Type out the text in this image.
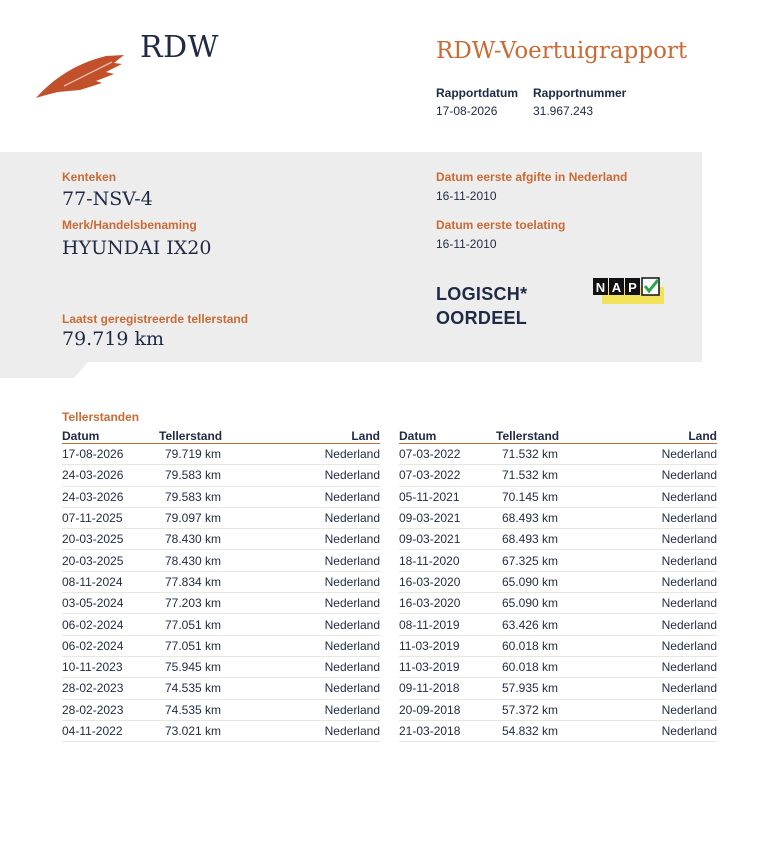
RDW	RDW-Voertuigrapport
Rapportdatum Rapportnummer
17-08-2026	31.967.243
Kenteken
77-NSV-4
Merk/Handelsbenaming
HYUNDAI IX20
Laatst geregistreerde tellerstand
79.719 km
Datum eerste afgifte in Nederland
16-11-2010
Datum eerste toelating
16-11-2010
LOGISCH*
OORDEEL
N A P
Tellerstanden
Datum	Tellerstand	Land
17-08-2026	79.719 km	Nederland
24-03-2026	79.583 km	Nederland
24-03-2026	79.583 km	Nederland
07-11-2025	79.097 km	Nederland
20-03-2025	78.430 km	Nederland
20-03-2025	78.430 km	Nederland
08-11-2024	77.834 km	Nederland
03-05-2024	77.203 km	Nederland
06-02-2024	77.051 km	Nederland
06-02-2024	77.051 km	Nederland
10-11-2023	75.945 km	Nederland
28-02-2023	74.535 km	Nederland
28-02-2023	74.535 km	Nederland
04-11-2022	73.021 km	Nederland
Datum	Tellerstand	Land
07-03-2022	71.532 km	Nederland
07-03-2022	71.532 km	Nederland
05-11-2021	70.145 km	Nederland
09-03-2021	68.493 km	Nederland
09-03-2021	68.493 km	Nederland
18-11-2020	67.325 km	Nederland
16-03-2020	65.090 km	Nederland
16-03-2020	65.090 km	Nederland
08-11-2019	63.426 km	Nederland
11-03-2019	60.018 km	Nederland
11-03-2019	60.018 km	Nederland
09-11-2018	57.935 km	Nederland
20-09-2018	57.372 km	Nederland
21-03-2018	54.832 km	Nederland
